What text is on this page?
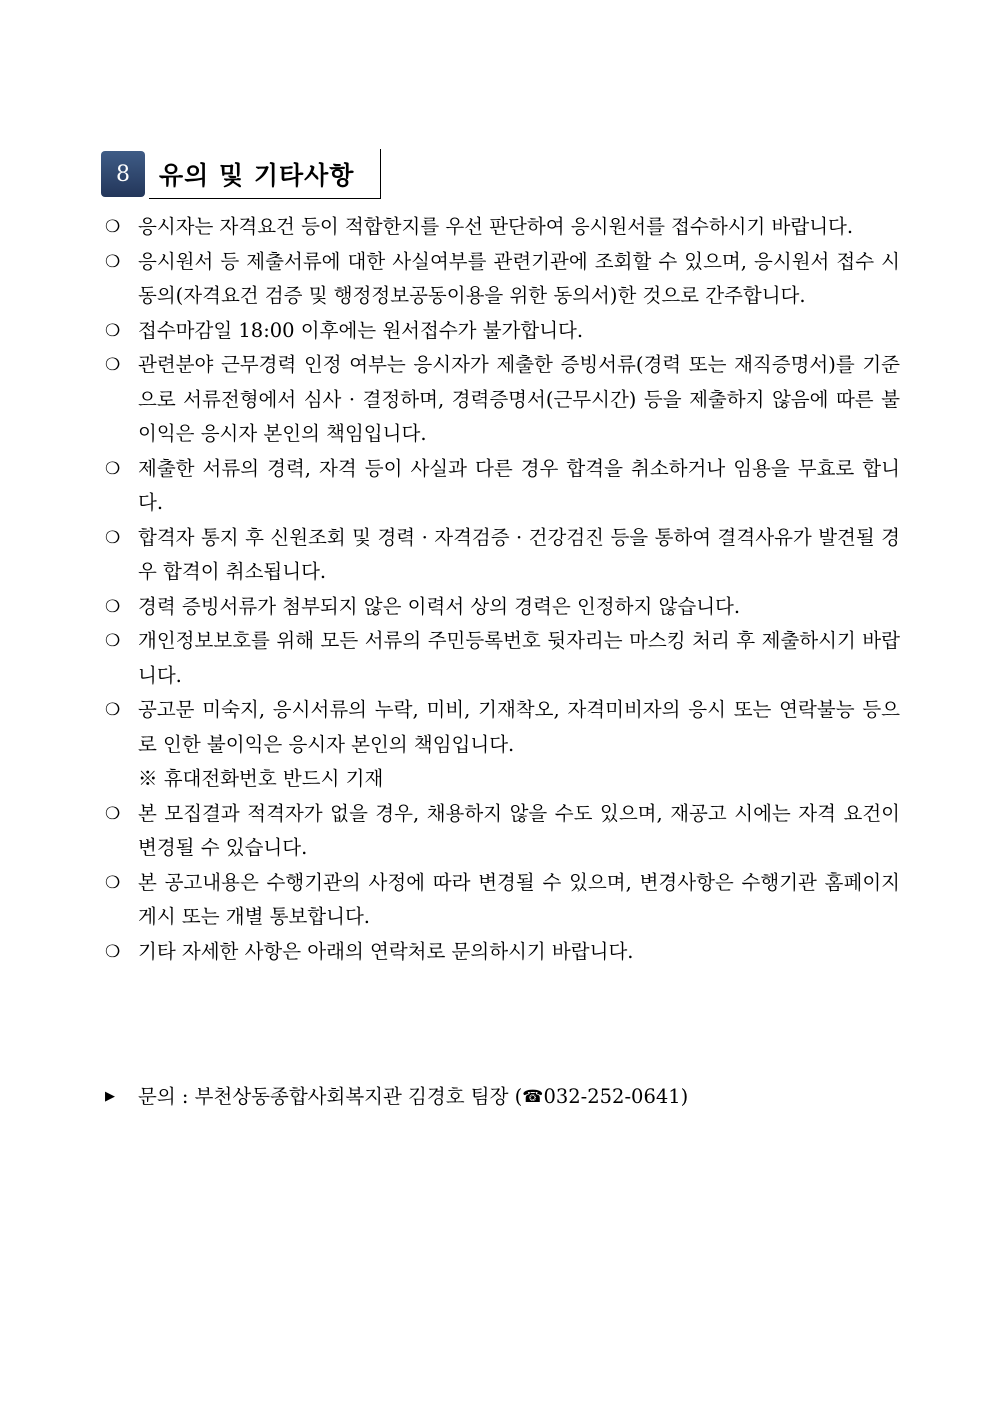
8	유의 및 기타사항
❍ 응시자는 자격요건 등이 적합한지를 우선 판단하여 응시원서를 접수하시기 바랍니다.
❍ 응시원서 등 제출서류에 대한 사실여부를 관련기관에 조회할 수 있으며, 응시원서 접수 시 동의(자격요건 검증 및 행정정보공동이용을 위한 동의서)한 것으로 간주합니다.
❍ 접수마감일 18:00 이후에는 원서접수가 불가합니다.
❍ 관련분야 근무경력 인정 여부는 응시자가 제출한 증빙서류(경력 또는 재직증명서)를 기준으로 서류전형에서 심사 · 결정하며, 경력증명서(근무시간) 등을 제출하지 않음에 따른 불이익은 응시자 본인의 책임입니다.
❍ 제출한 서류의 경력, 자격 등이 사실과 다른 경우 합격을 취소하거나 임용을 무효로 합니다.
❍ 합격자 통지 후 신원조회 및 경력 · 자격검증 · 건강검진 등을 통하여 결격사유가 발견될 경우 합격이 취소됩니다.
❍ 경력 증빙서류가 첨부되지 않은 이력서 상의 경력은 인정하지 않습니다.
❍ 개인정보보호를 위해 모든 서류의 주민등록번호 뒷자리는 마스킹 처리 후 제출하시기 바랍니다.
❍ 공고문 미숙지, 응시서류의 누락, 미비, 기재착오, 자격미비자의 응시 또는 연락불능 등으로 인한 불이익은 응시자 본인의 책임입니다.
※ 휴대전화번호 반드시 기재
❍ 본 모집결과 적격자가 없을 경우, 채용하지 않을 수도 있으며, 재공고 시에는 자격 요건이 변경될 수 있습니다.
❍ 본 공고내용은 수행기관의 사정에 따라 변경될 수 있으며, 변경사항은 수행기관 홈페이지 게시 또는 개별 통보합니다.
❍ 기타 자세한 사항은 아래의 연락처로 문의하시기 바랍니다.
▶	문의 : 부천상동종합사회복지관 김경호 팀장 ( ☎ 032-252-0641)
